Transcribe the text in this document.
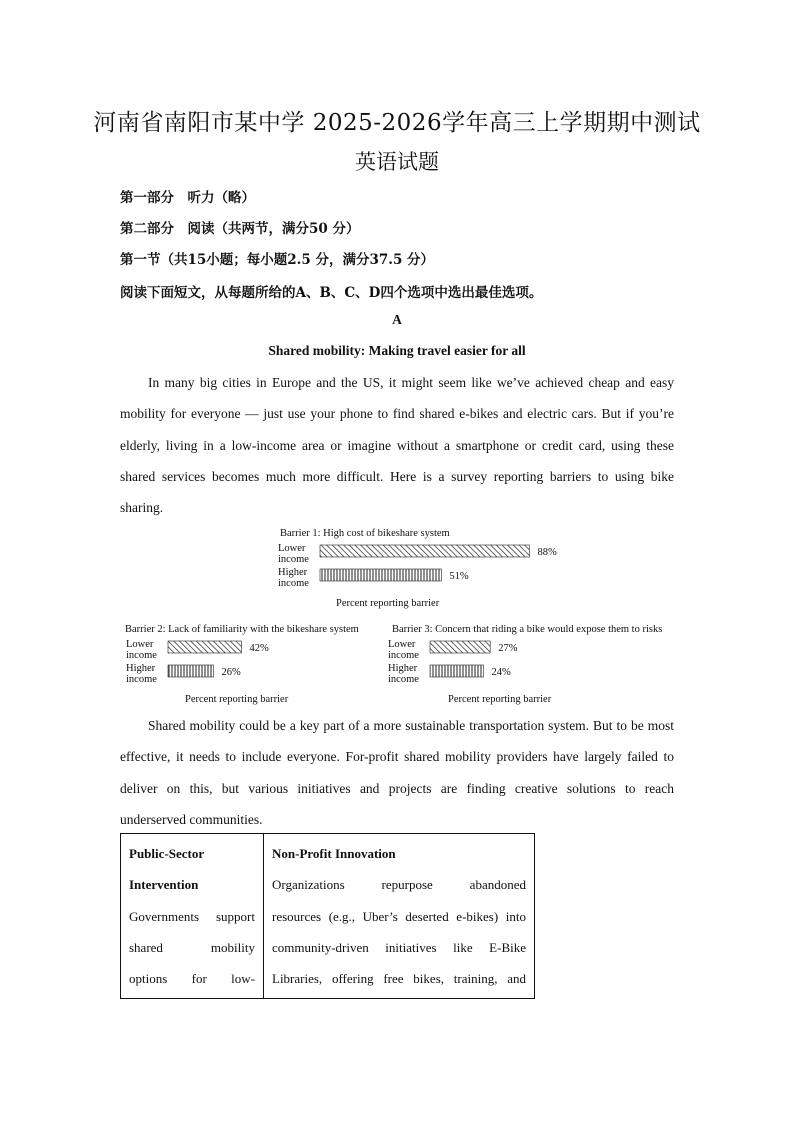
河南省南阳市某中学 2025-2026学年高三上学期期中测试
英语试题
第一部分　听力（略）
第二部分　阅读（共两节，满分50 分）
第一节（共15小题；每小题2.5 分，满分37.5 分）
阅读下面短文，从每题所给的A、B、C、D四个选项中选出最佳选项。
A
Shared mobility: Making travel easier for all
In many big cities in Europe and the US, it might seem like we’ve achieved cheap and easy
mobility for everyone — just use your phone to find shared e-bikes and electric cars. But if you’re
elderly, living in a low-income area or imagine without a smartphone or credit card, using these
shared services becomes much more difficult. Here is a survey reporting barriers to using bike
sharing.
Barrier 1: High cost of bikeshare system
Lower
income
88%
Higher
income
51%
Percent reporting barrier
Barrier 2: Lack of familiarity with the bikeshare system
Lower
income
42%
Higher
income
26%
Percent reporting barrier
Barrier 3: Concern that riding a bike would expose them to risks
Lower
income
27%
Higher
income
24%
Percent reporting barrier
Shared mobility could be a key part of a more sustainable transportation system. But to be most
effective, it needs to include everyone. For-profit shared mobility providers have largely failed to
deliver on this, but various initiatives and projects are finding creative solutions to reach
underserved communities.
Public-Sector
Intervention
Governments support
shared mobility
options for low-

Non-Profit Innovation
Organizations repurpose abandoned
resources (e.g., Uber’s deserted e-bikes) into
community-driven initiatives like E-Bike
Libraries, offering free bikes, training, and
